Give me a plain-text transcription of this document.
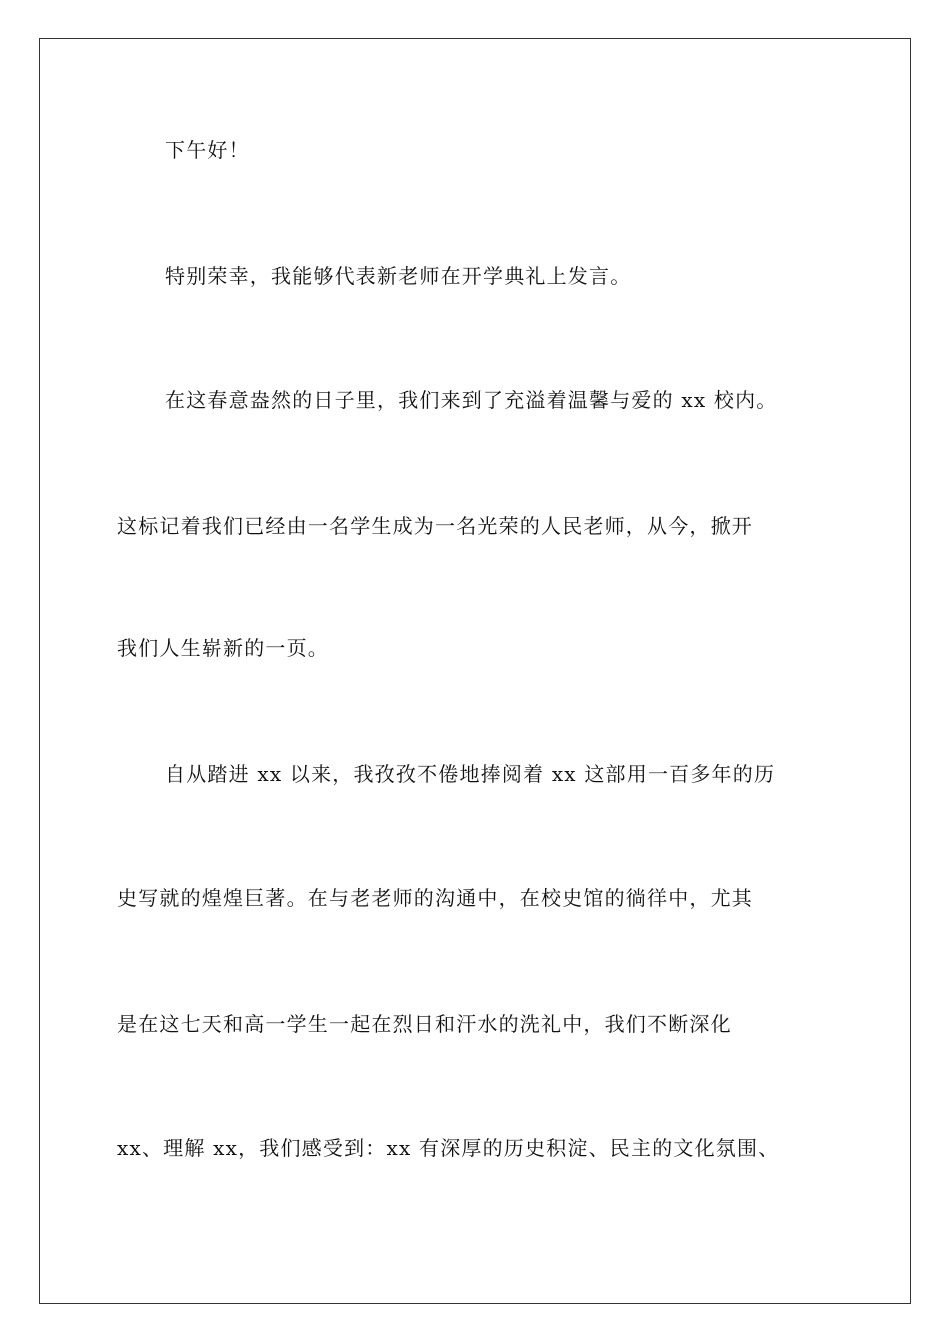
下午好！
特别荣幸，我能够代表新老师在开学典礼上发言。
在这春意盎然的日子里，我们来到了充溢着温馨与爱的 xx 校内。
这标记着我们已经由一名学生成为一名光荣的人民老师，从今，掀开
我们人生崭新的一页。
自从踏进 xx 以来，我孜孜不倦地捧阅着 xx 这部用一百多年的历
史写就的煌煌巨著。在与老老师的沟通中，在校史馆的徜徉中，尤其
是在这七天和高一学生一起在烈日和汗水的洗礼中，我们不断深化
xx、理解 xx，我们感受到：xx 有深厚的历史积淀、民主的文化氛围、
